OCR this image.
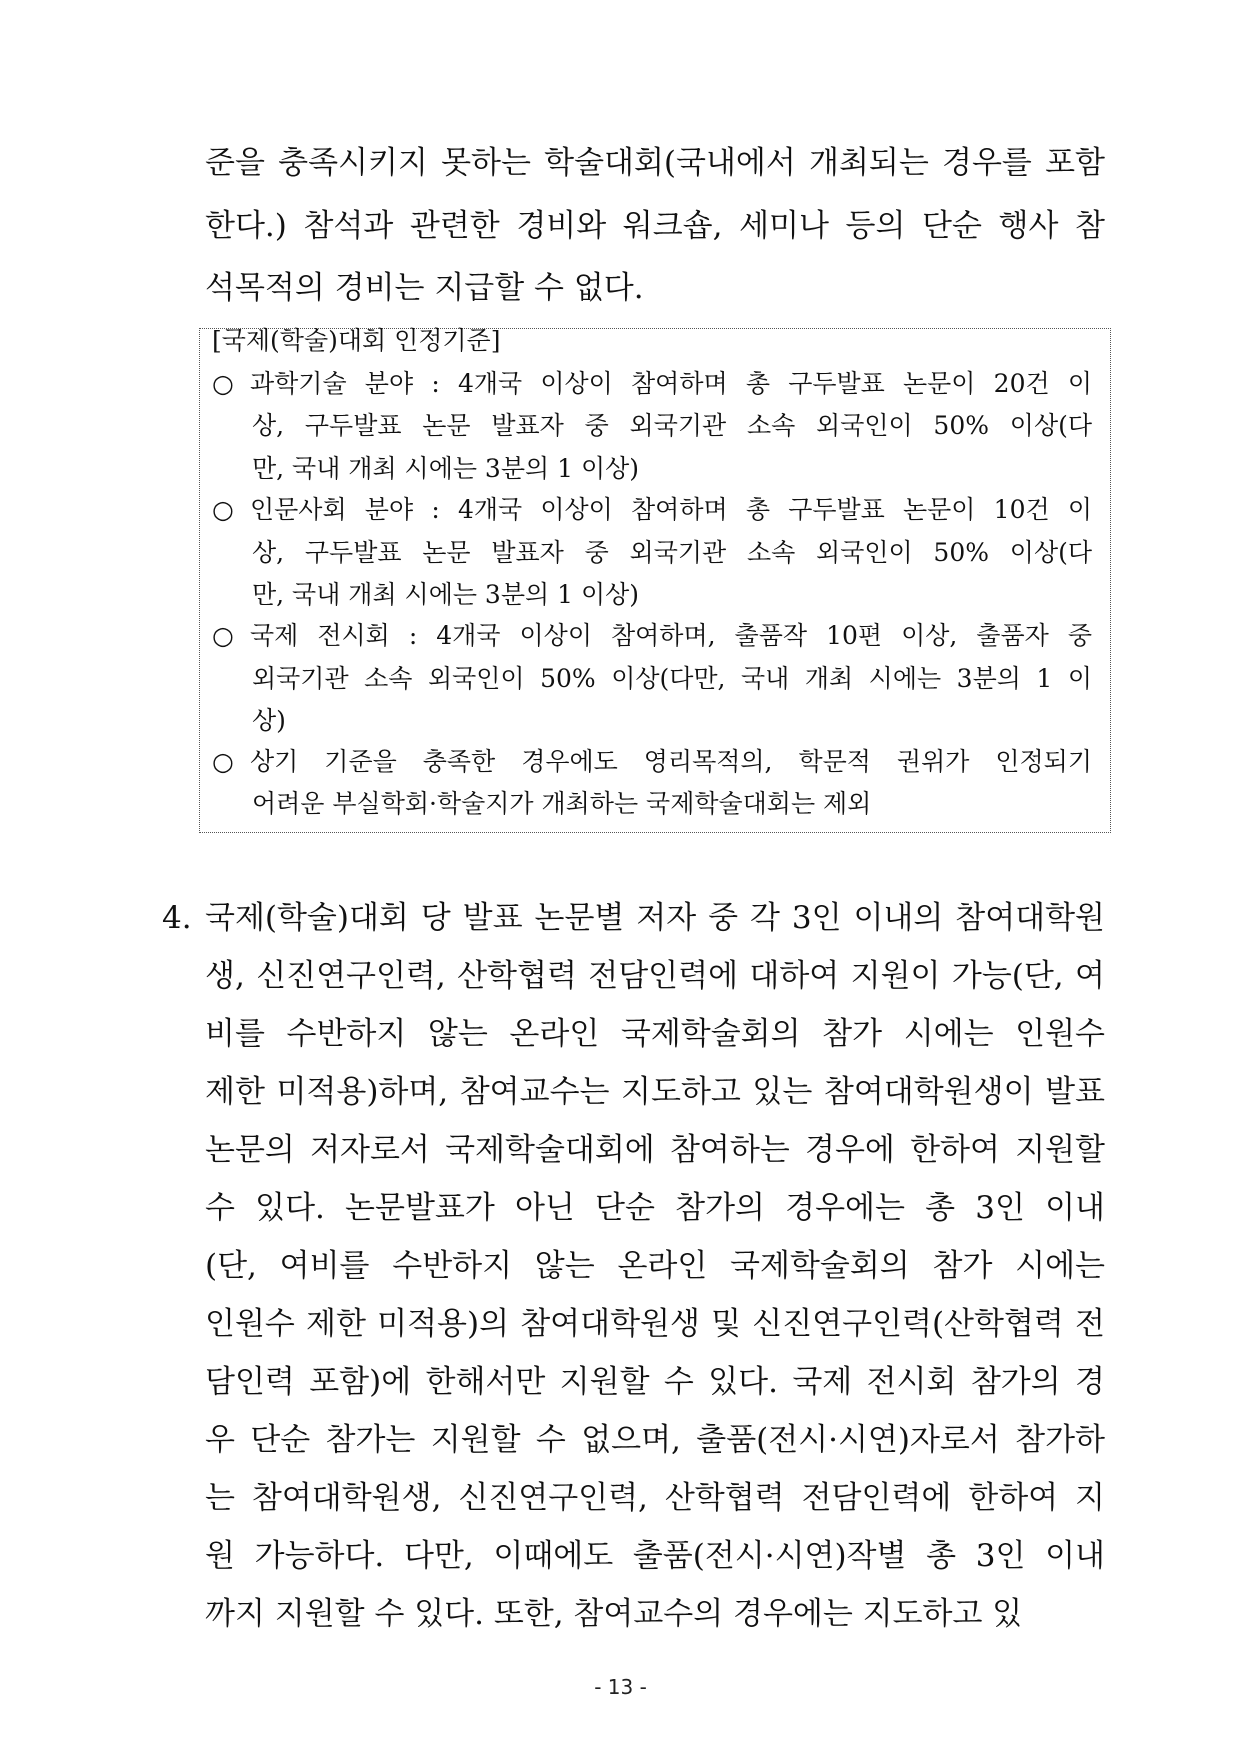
준을 충족시키지 못하는 학술대회(국내에서 개최되는 경우를 포함
한다.) 참석과 관련한 경비와 워크숍, 세미나 등의 단순 행사 참
석목적의 경비는 지급할 수 없다.
[국제(학술)대회 인정기준]
○ 과학기술 분야 : 4개국 이상이 참여하며 총 구두발표 논문이 20건 이
상, 구두발표 논문 발표자 중 외국기관 소속 외국인이 50% 이상(다
만, 국내 개최 시에는 3분의 1 이상)
○ 인문사회 분야 : 4개국 이상이 참여하며 총 구두발표 논문이 10건 이
상, 구두발표 논문 발표자 중 외국기관 소속 외국인이 50% 이상(다
만, 국내 개최 시에는 3분의 1 이상)
○ 국제 전시회 : 4개국 이상이 참여하며, 출품작 10편 이상, 출품자 중
외국기관 소속 외국인이 50% 이상(다만, 국내 개최 시에는 3분의 1 이
상)
○ 상기 기준을 충족한 경우에도 영리목적의, 학문적 권위가 인정되기
어려운 부실학회·학술지가 개최하는 국제학술대회는 제외
4. 국제(학술)대회 당 발표 논문별 저자 중 각 3인 이내의 참여대학원
생, 신진연구인력, 산학협력 전담인력에 대하여 지원이 가능(단, 여
비를 수반하지 않는 온라인 국제학술회의 참가 시에는 인원수
제한 미적용)하며, 참여교수는 지도하고 있는 참여대학원생이 발표
논문의 저자로서 국제학술대회에 참여하는 경우에 한하여 지원할
수 있다. 논문발표가 아닌 단순 참가의 경우에는 총 3인 이내
(단, 여비를 수반하지 않는 온라인 국제학술회의 참가 시에는
인원수 제한 미적용)의 참여대학원생 및 신진연구인력(산학협력 전
담인력 포함)에 한해서만 지원할 수 있다. 국제 전시회 참가의 경
우 단순 참가는 지원할 수 없으며, 출품(전시·시연)자로서 참가하
는 참여대학원생, 신진연구인력, 산학협력 전담인력에 한하여 지
원 가능하다. 다만, 이때에도 출품(전시·시연)작별 총 3인 이내
까지 지원할 수 있다. 또한, 참여교수의 경우에는 지도하고 있
- 13 -
